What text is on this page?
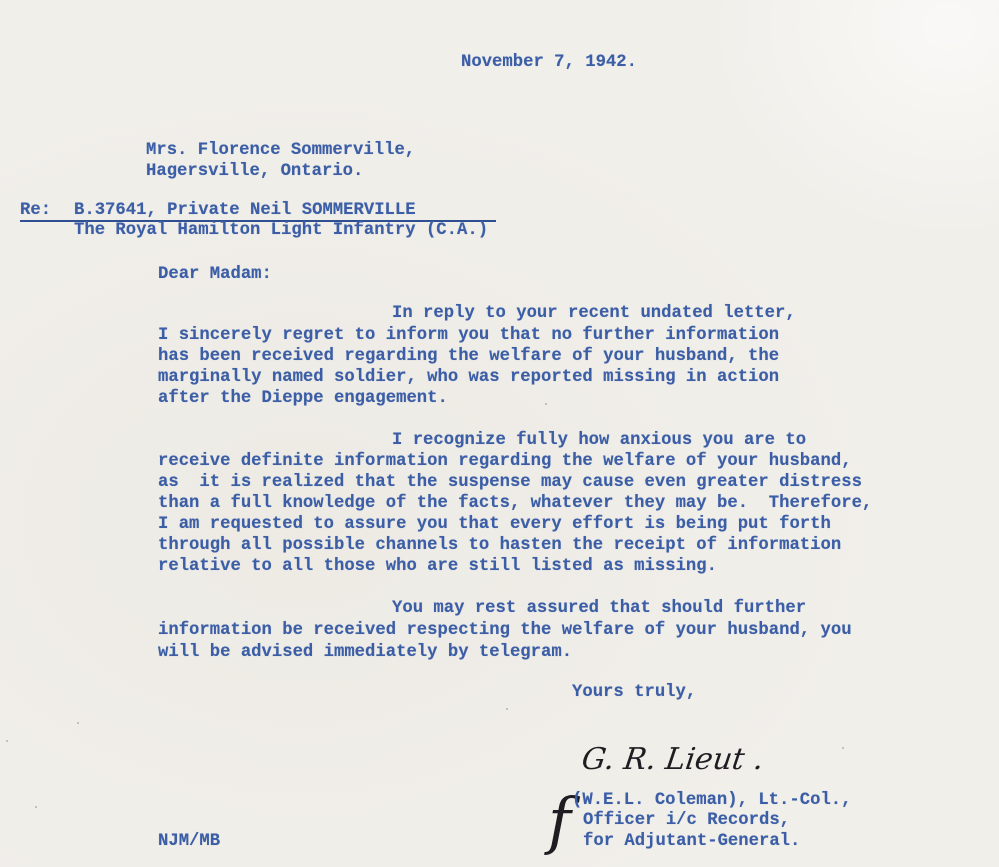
November 7, 1942.
Mrs. Florence Sommerville,
Hagersville, Ontario.
Re: B.37641, Private Neil SOMMERVILLE
The Royal Hamilton Light Infantry (C.A.)
Dear Madam:
In reply to your recent undated letter,
I sincerely regret to inform you that no further information
has been received regarding the welfare of your husband, the
marginally named soldier, who was reported missing in action
after the Dieppe engagement.
I recognize fully how anxious you are to
receive definite information regarding the welfare of your husband,
as  it is realized that the suspense may cause even greater distress
than a full knowledge of the facts, whatever they may be.  Therefore,
I am requested to assure you that every effort is being put forth
through all possible channels to hasten the receipt of information
relative to all those who are still listed as missing.
You may rest assured that should further
information be received respecting the welfare of your husband, you
will be advised immediately by telegram.
Yours truly,
G. R. Lieut .
f (W.E.L. Coleman), Lt.-Col.,
Officer i/c Records,
for Adjutant-General.
NJM/MB
